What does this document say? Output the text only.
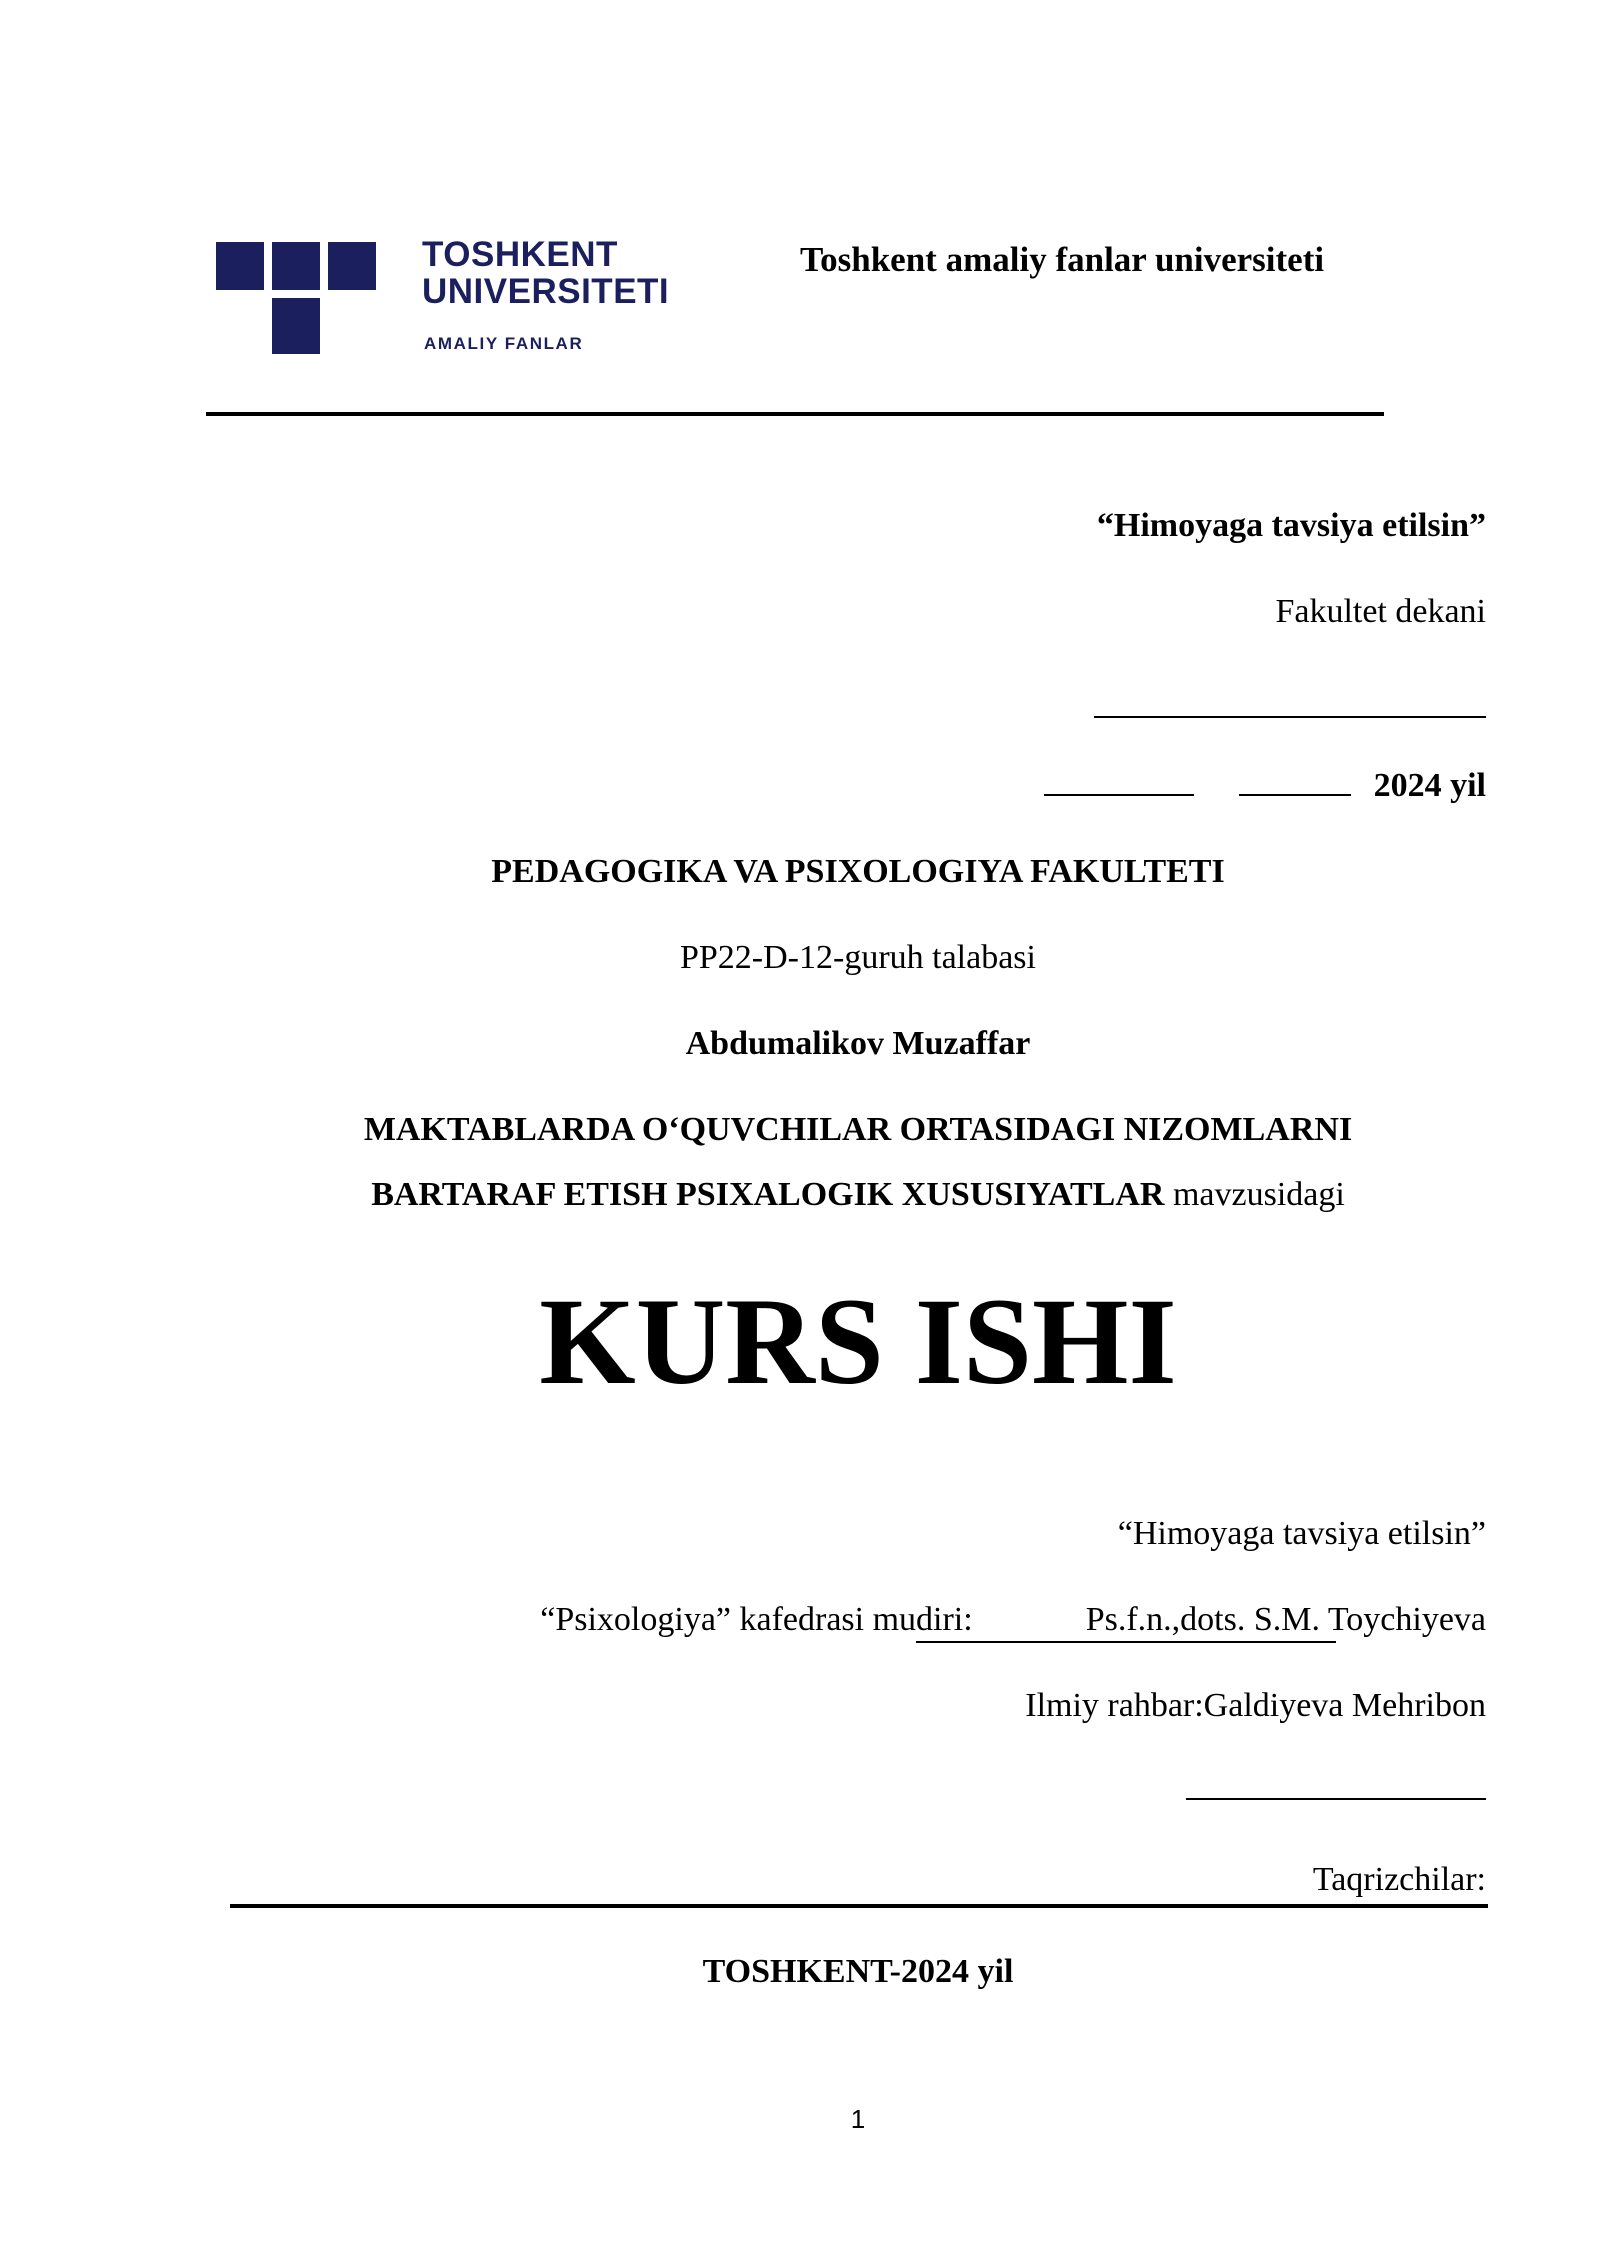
TOSHKENT
UNIVERSITETI
AMALIY FANLAR
Toshkent amaliy fanlar universiteti
“Himoyaga tavsiya etilsin”
Fakultet dekani
2024 yil
PEDAGOGIKA VA PSIXOLOGIYA FAKULTETI
PP22-D-12-guruh talabasi
Abdumalikov Muzaffar
MAKTABLARDA O‘QUVCHILAR ORTASIDAGI NIZOMLARNI
BARTARAF ETISH PSIXALOGIK XUSUSIYATLAR mavzusidagi
KURS ISHI
“Himoyaga tavsiya etilsin”
“Psixologiya” kafedrasi mudiri:	Ps.f.n.,dots. S.M. Toychiyeva
Ilmiy rahbar:Galdiyeva Mehribon
Taqrizchilar:
TOSHKENT-2024 yil
1
